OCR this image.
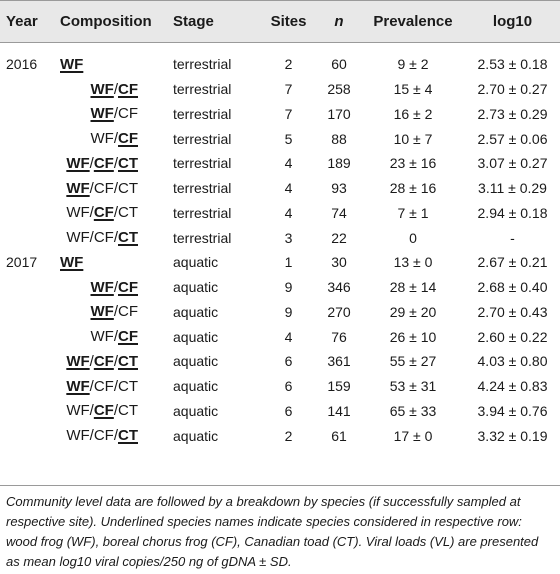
Year	Composition	Stage	Sites	n	Prevalence	log10
2016	WF	terrestrial	2	60	9 ± 2	2.53 ± 0.18
	WF/CF	terrestrial	7	258	15 ± 4	2.70 ± 0.27
	WF/CF	terrestrial	7	170	16 ± 2	2.73 ± 0.29
	WF/CF	terrestrial	5	88	10 ± 7	2.57 ± 0.06
	WF/CF/CT	terrestrial	4	189	23 ± 16	3.07 ± 0.27
	WF/CF/CT	terrestrial	4	93	28 ± 16	3.11 ± 0.29
	WF/CF/CT	terrestrial	4	74	7 ± 1	2.94 ± 0.18
	WF/CF/CT	terrestrial	3	22	0	-
2017	WF	aquatic	1	30	13 ± 0	2.67 ± 0.21
	WF/CF	aquatic	9	346	28 ± 14	2.68 ± 0.40
	WF/CF	aquatic	9	270	29 ± 20	2.70 ± 0.43
	WF/CF	aquatic	4	76	26 ± 10	2.60 ± 0.22
	WF/CF/CT	aquatic	6	361	55 ± 27	4.03 ± 0.80
	WF/CF/CT	aquatic	6	159	53 ± 31	4.24 ± 0.83
	WF/CF/CT	aquatic	6	141	65 ± 33	3.94 ± 0.76
	WF/CF/CT	aquatic	2	61	17 ± 0	3.32 ± 0.19

Community level data are followed by a breakdown by species (if successfully sampled at respective site). Underlined species names indicate species considered in respective row: wood frog (WF), boreal chorus frog (CF), Canadian toad (CT). Viral loads (VL) are presented as mean log10 viral copies/250 ng of gDNA ± SD.
